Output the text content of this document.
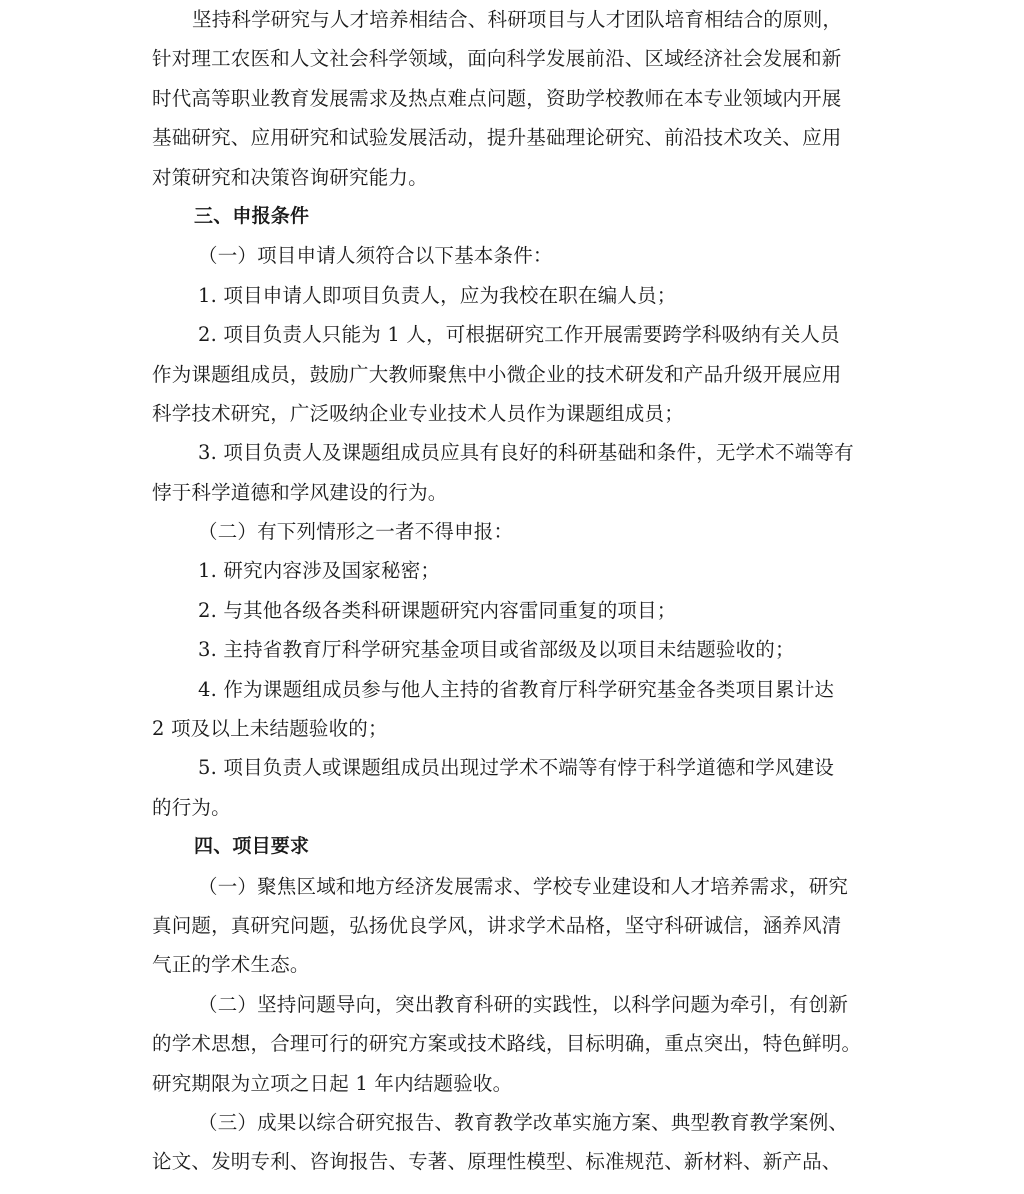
坚持科学研究与人才培养相结合、科研项目与人才团队培育相结合的原则，

针对理工农医和人文社会科学领域，面向科学发展前沿、区域经济社会发展和新

时代高等职业教育发展需求及热点难点问题，资助学校教师在本专业领域内开展

基础研究、应用研究和试验发展活动，提升基础理论研究、前沿技术攻关、应用

对策研究和决策咨询研究能力。

三、申报条件

（一）项目申请人须符合以下基本条件：

1. 项目申请人即项目负责人，应为我校在职在编人员；

2. 项目负责人只能为 1 人，可根据研究工作开展需要跨学科吸纳有关人员

作为课题组成员，鼓励广大教师聚焦中小微企业的技术研发和产品升级开展应用

科学技术研究，广泛吸纳企业专业技术人员作为课题组成员；

3. 项目负责人及课题组成员应具有良好的科研基础和条件，无学术不端等有

悖于科学道德和学风建设的行为。

（二）有下列情形之一者不得申报：

1. 研究内容涉及国家秘密；

2. 与其他各级各类科研课题研究内容雷同重复的项目；

3. 主持省教育厅科学研究基金项目或省部级及以项目未结题验收的；

4. 作为课题组成员参与他人主持的省教育厅科学研究基金各类项目累计达

2 项及以上未结题验收的；

5. 项目负责人或课题组成员出现过学术不端等有悖于科学道德和学风建设

的行为。

四、项目要求

（一）聚焦区域和地方经济发展需求、学校专业建设和人才培养需求，研究

真问题，真研究问题，弘扬优良学风，讲求学术品格，坚守科研诚信，涵养风清

气正的学术生态。

（二）坚持问题导向，突出教育科研的实践性，以科学问题为牵引，有创新

的学术思想，合理可行的研究方案或技术路线，目标明确，重点突出，特色鲜明。

研究期限为立项之日起 1 年内结题验收。

（三）成果以综合研究报告、教育教学改革实施方案、典型教育教学案例、

论文、发明专利、咨询报告、专著、原理性模型、标准规范、新材料、新产品、
